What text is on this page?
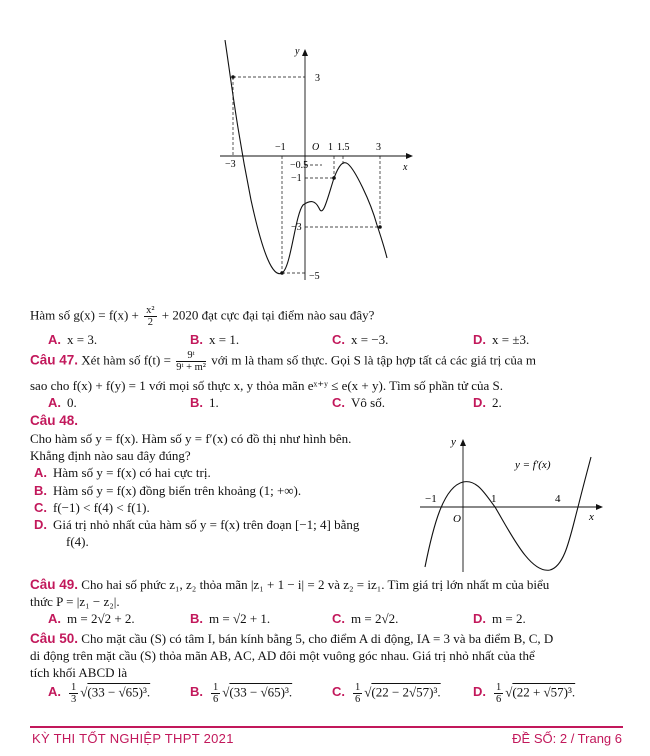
y
x
−3
−1	O 1 1.5	3
3
−0.5
−1
−3
−5
Hàm số $g(x) = f(x) + \frac{\text{x²}}{2} + 2020$ đạt cực đại tại điểm nào sau đây?
A. x = 3.	B. x = 1.	C. x = −3.	D. x = ±3.
Câu 47. Xét hàm số $f(t) = \frac{\text{9ᵗ}}{\text{9ᵗ + m²}}$ với m là tham số thực. Gọi S là tập hợp tất cả các giá trị của m
sao cho f(x) + f(y) = 1 với mọi số thực x, y thỏa mãn eˣ⁺ʸ ≤ e(x + y). Tìm số phần tử của S.
A. 0.	B. 1.	C. Vô số.	D. 2.
Câu 48.
Cho hàm số y = f(x). Hàm số y = f′(x) có đồ thị như hình bên.
Khẳng định nào sau đây đúng?
A. Hàm số y = f(x) có hai cực trị.
B. Hàm số y = f(x) đồng biến trên khoảng (1; +∞).
C. f(−1) < f(4) < f(1).
D. Giá trị nhỏ nhất của hàm số y = f(x) trên đoạn [−1; 4] bằng
f(4).
y
x
y = f′(x)
−1	1	4
O
Câu 49. Cho hai số phức z₁, z₂ thỏa mãn |z₁ + 1 − i| = 2 và z₂ = iz₁. Tìm giá trị lớn nhất m của biểu
thức P = |z₁ − z₂|.
A. m = 2√2 + 2.	B. m = √2 + 1.	C. m = 2√2.	D. m = 2.
Câu 50. Cho mặt cầu (S) có tâm I, bán kính bằng 5, cho điểm A di động, IA = 3 và ba điểm B, C, D
di động trên mặt cầu (S) thỏa mãn AB, AC, AD đôi một vuông góc nhau. Giá trị nhỏ nhất của thể
tích khối ABCD là
A. $\frac{1}{3} √(33 - √65)^3$.	B. $\frac{1}{6} √(33 - √65)^3$.	C. $\frac{1}{6} √(22 - 2√57)^3$. D. $\frac{1}{6} √(22 + √57)^3$.
KỲ THI TỐT NGHIỆP THPT 2021	ĐỀ SỐ: 2 / Trang 6
